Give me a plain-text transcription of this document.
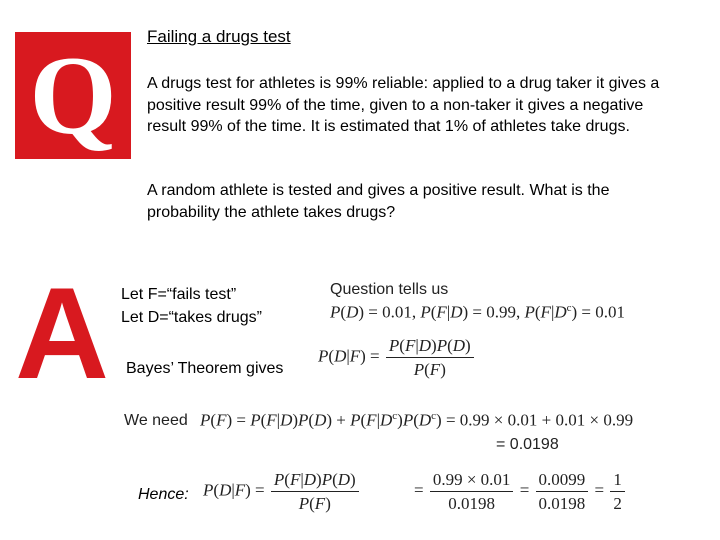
Q Failing a drugs test
A drugs test for athletes is 99% reliable: applied to a drug taker it gives a positive result 99% of the time, given to a non-taker it gives a negative result 99% of the time. It is estimated that 1% of athletes take drugs.
A random athlete is tested and gives a positive result. What is the probability the athlete takes drugs?
A Let F=“fails test”
Let D=“takes drugs”
Question tells us
P(D) = 0.01, P(F|D) = 0.99, $P(F|D^c) = 0.01$
Bayes’ Theorem gives
$P(D|F) = \frac{P(F|D)P(D)}{P(F)}$
We need $P(F) = P(F|D)P(D) + P(F|D^c)P(D^c) = 0.99 \times 0.01 + 0.01 \times 0.99$
= 0.0198
Hence: $P(D|F) = \frac{P(F|D)P(D)}{P(F)}$	= $\frac{0.99 \times 0.01}{0.0198} = \frac{0.0099}{0.0198} = \frac{1}{2}$
